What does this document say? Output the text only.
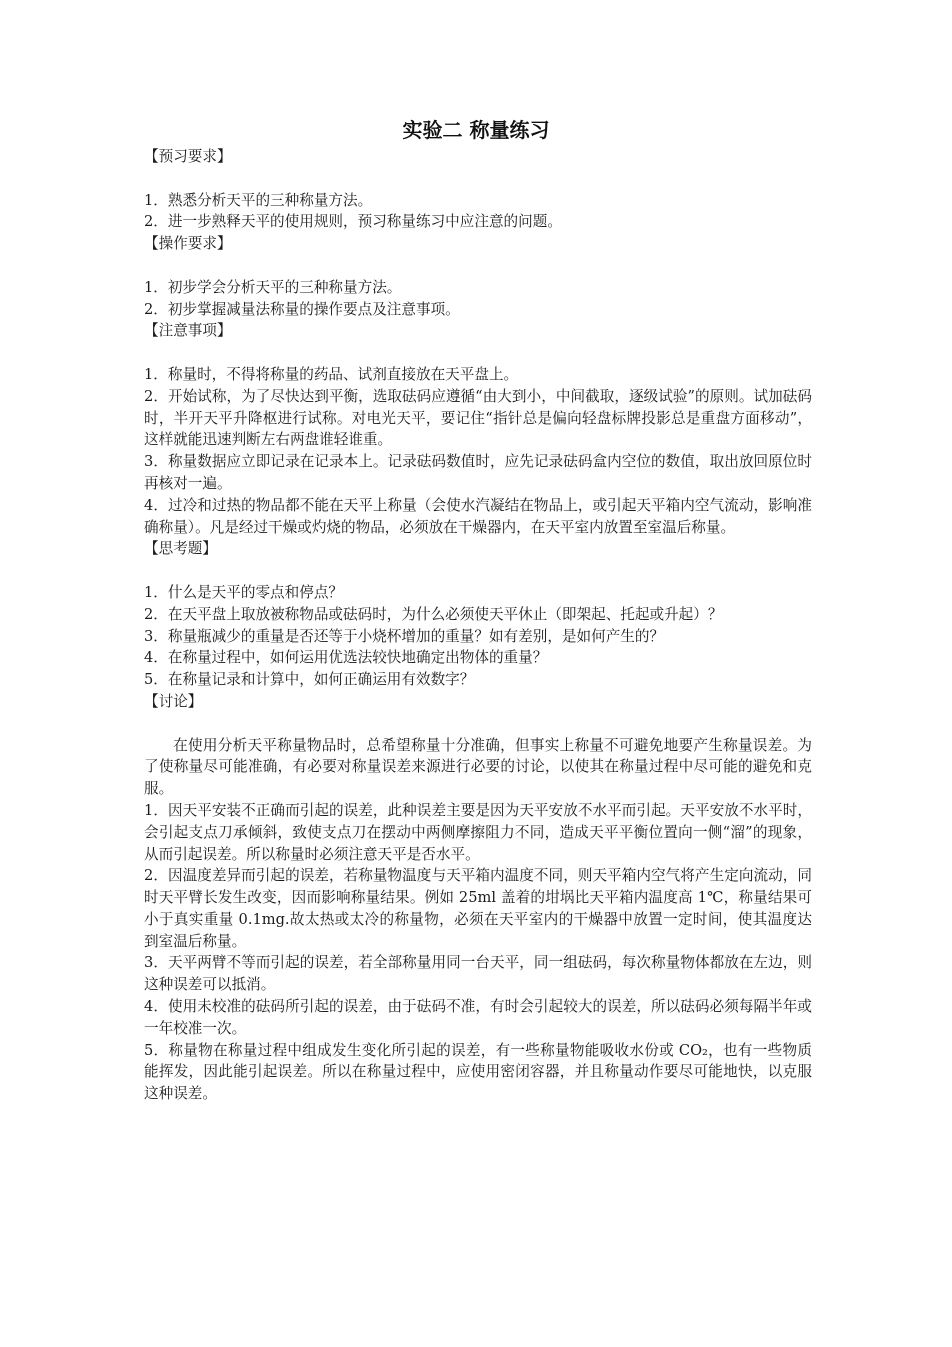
实验二 称量练习
【预习要求】
1．熟悉分析天平的三种称量方法。
2．进一步熟释天平的使用规则，预习称量练习中应注意的问题。
【操作要求】
1．初步学会分析天平的三种称量方法。
2．初步掌握减量法称量的操作要点及注意事项。
【注意事项】
1．称量时，不得将称量的药品、试剂直接放在天平盘上。
2．开始试称，为了尽快达到平衡，选取砝码应遵循“由大到小，中间截取，逐级试验”的原则。试加砝码时，半开天平升降枢进行试称。对电光天平，要记住“指针总是偏向轻盘标牌投影总是重盘方面移动”，这样就能迅速判断左右两盘谁轻谁重。
3．称量数据应立即记录在记录本上。记录砝码数值时，应先记录砝码盒内空位的数值，取出放回原位时再核对一遍。
4．过冷和过热的物品都不能在天平上称量（会使水汽凝结在物品上，或引起天平箱内空气流动，影响准确称量）。凡是经过干燥或灼烧的物品，必须放在干燥器内，在天平室内放置至室温后称量。
【思考题】
1．什么是天平的零点和停点？
2．在天平盘上取放被称物品或砝码时，为什么必须使天平休止（即架起、托起或升起）？
3．称量瓶减少的重量是否还等于小烧杯增加的重量？如有差别，是如何产生的？
4．在称量过程中，如何运用优选法较快地确定出物体的重量？
5．在称量记录和计算中，如何正确运用有效数字？
【讨论】
在使用分析天平称量物品时，总希望称量十分准确，但事实上称量不可避免地要产生称量误差。为了使称量尽可能准确，有必要对称量误差来源进行必要的讨论，以使其在称量过程中尽可能的避免和克服。
1．因天平安装不正确而引起的误差，此种误差主要是因为天平安放不水平而引起。天平安放不水平时，会引起支点刀承倾斜，致使支点刀在摆动中两侧摩擦阻力不同，造成天平平衡位置向一侧“溜”的现象，从而引起误差。所以称量时必须注意天平是否水平。
2．因温度差异而引起的误差，若称量物温度与天平箱内温度不同，则天平箱内空气将产生定向流动，同时天平臂长发生改变，因而影响称量结果。例如 25ml 盖着的坩埚比天平箱内温度高 1℃，称量结果可小于真实重量 0.1mg.故太热或太冷的称量物，必须在天平室内的干燥器中放置一定时间，使其温度达到室温后称量。
3．天平两臂不等而引起的误差，若全部称量用同一台天平，同一组砝码，每次称量物体都放在左边，则这种误差可以抵消。
4．使用未校准的砝码所引起的误差，由于砝码不准，有时会引起较大的误差，所以砝码必须每隔半年或一年校准一次。
5．称量物在称量过程中组成发生变化所引起的误差，有一些称量物能吸收水份或 CO₂，也有一些物质能挥发，因此能引起误差。所以在称量过程中，应使用密闭容器，并且称量动作要尽可能地快，以克服这种误差。
